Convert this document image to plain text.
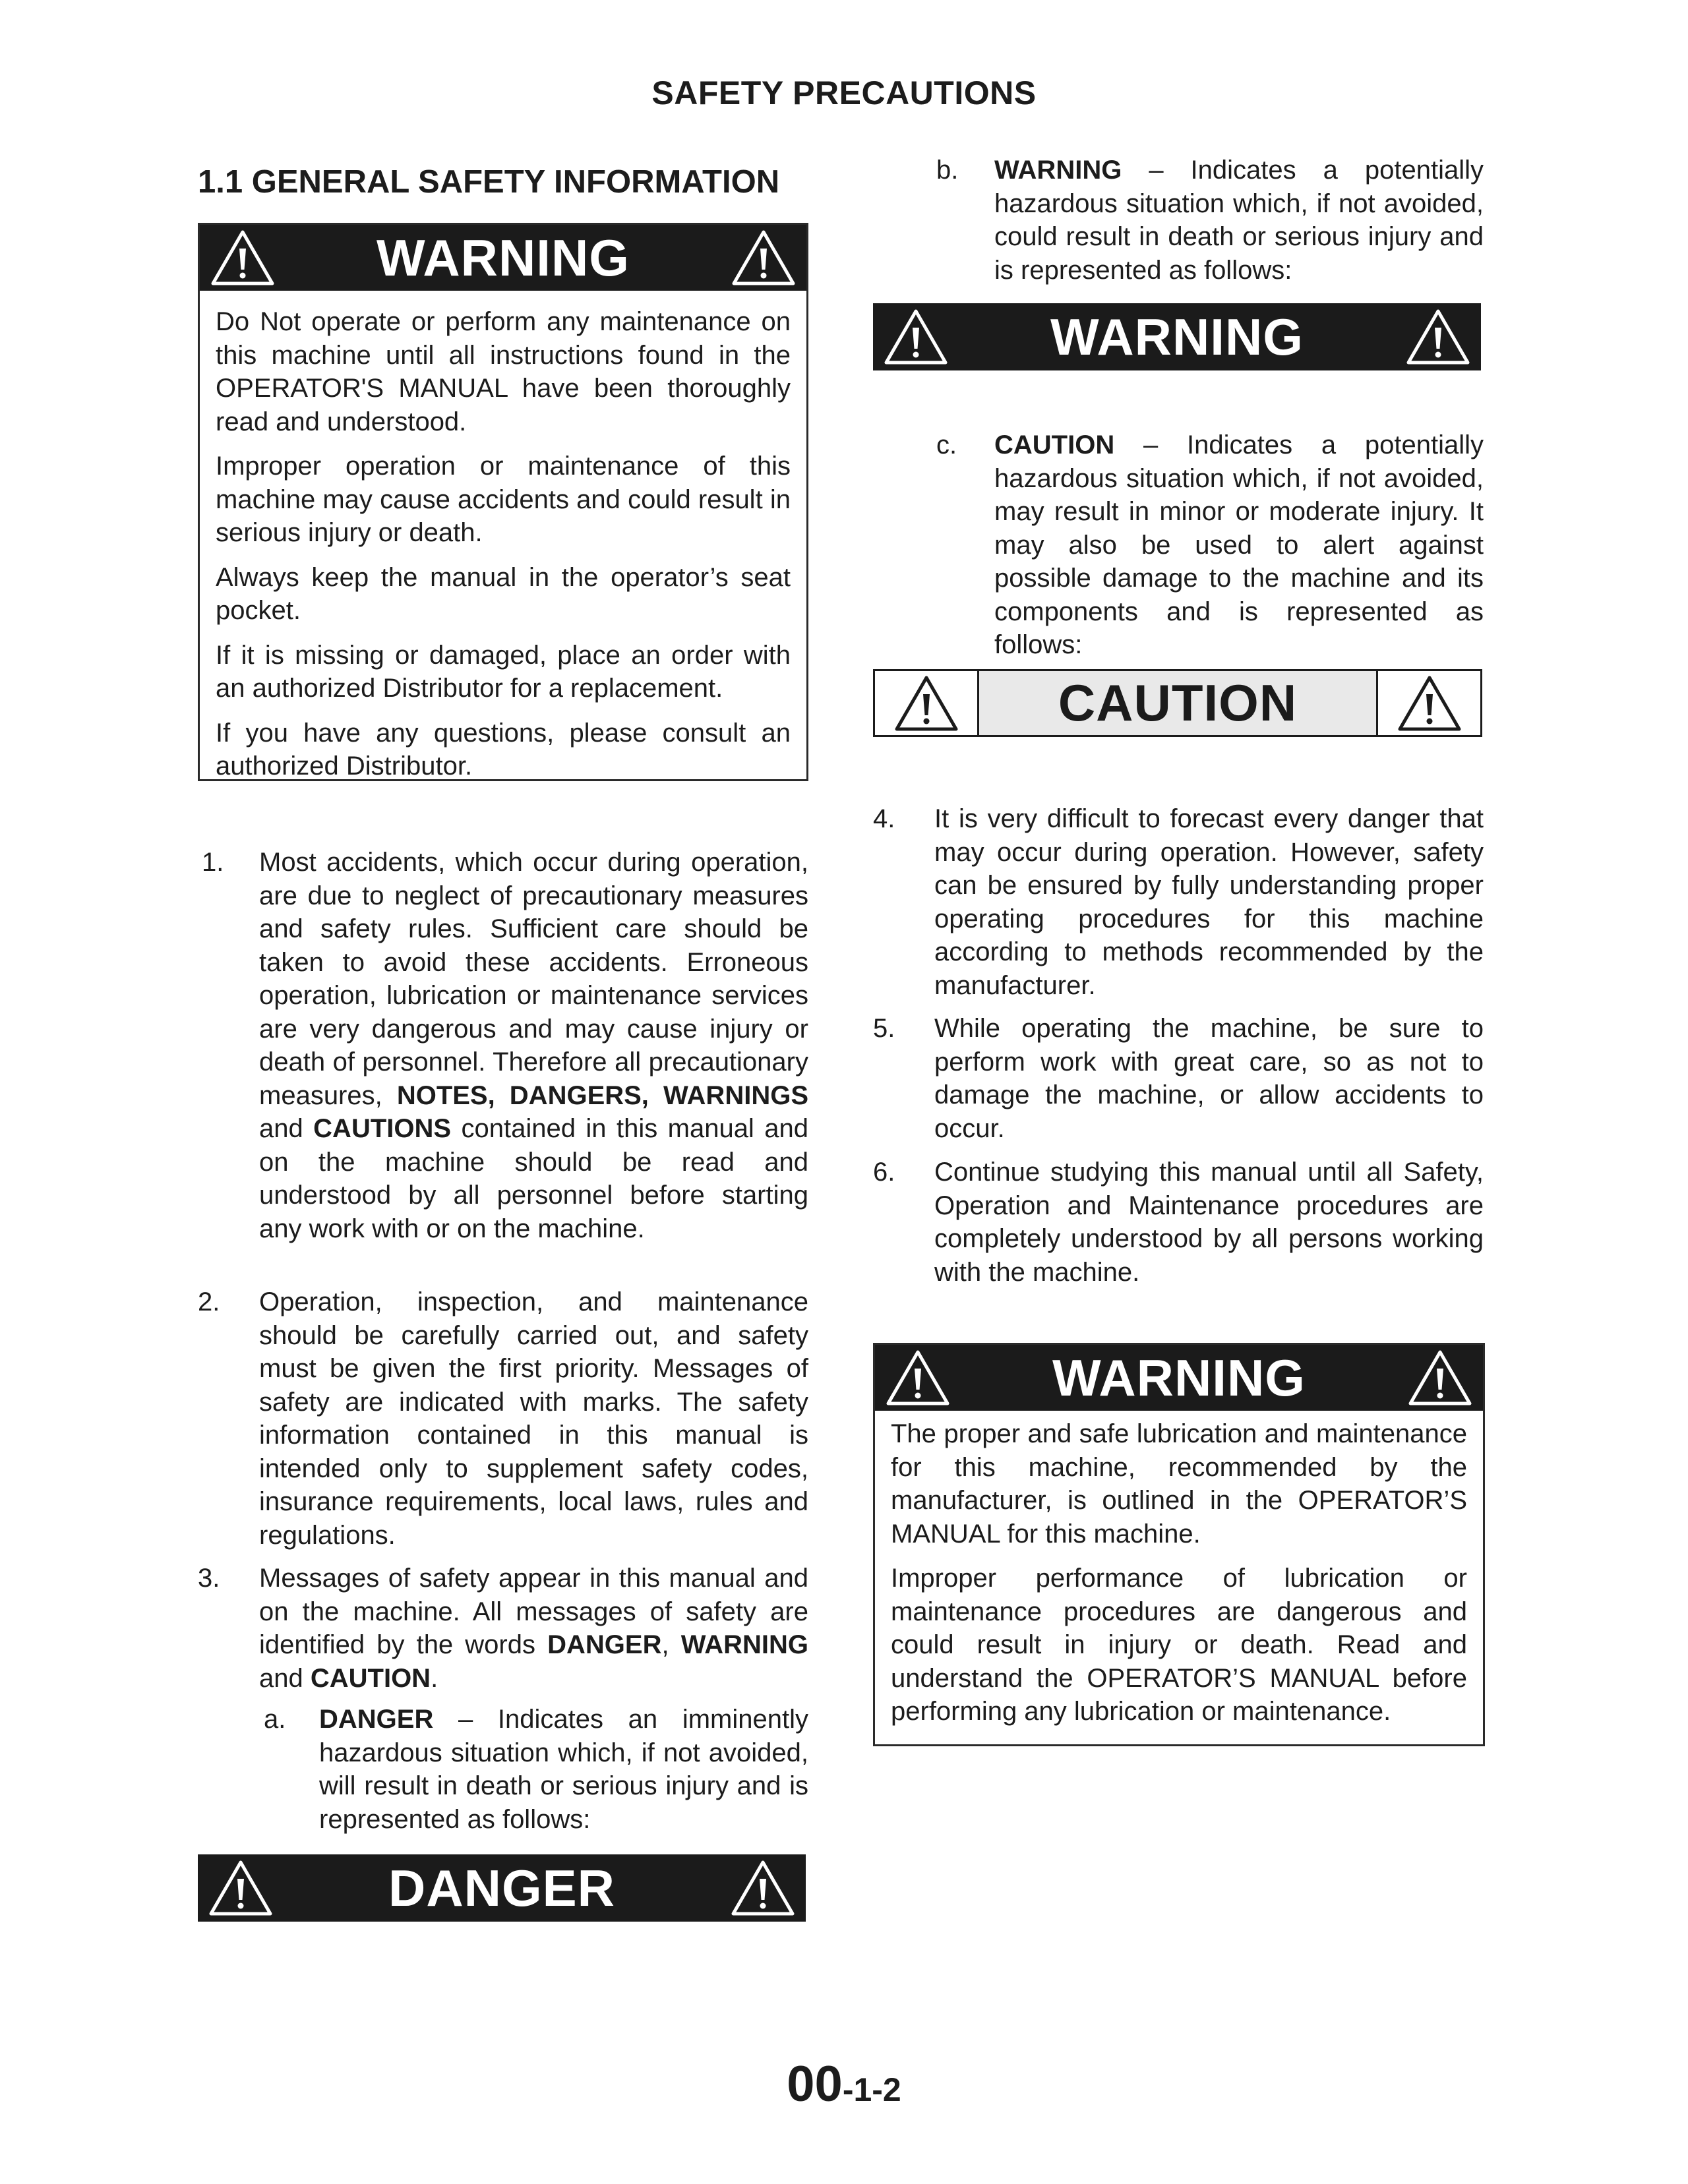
SAFETY PRECAUTIONS
1.1 GENERAL SAFETY INFORMATION
WARNING

Do Not operate or perform any maintenance on this machine until all instructions found in the OPERATOR'S MANUAL have been thoroughly read and understood.

Improper operation or maintenance of this machine may cause accidents and could result in serious injury or death.

Always keep the manual in the operator’s seat pocket.

If it is missing or damaged, place an order with an authorized Distributor for a replacement.

If you have any questions, please consult an authorized Distributor.

1. Most accidents, which occur during operation, are due to neglect of precautionary measures and safety rules. Sufficient care should be taken to avoid these accidents. Erroneous operation, lubrication or maintenance services are very dangerous and may cause injury or death of personnel. Therefore all precautionary measures, NOTES, DANGERS, WARNINGS and CAUTIONS contained in this manual and on the machine should be read and understood by all personnel before starting any work with or on the machine.
2. Operation, inspection, and maintenance should be carefully carried out, and safety must be given the first priority. Messages of safety are indicated with marks. The safety information contained in this manual is intended only to supplement safety codes, insurance requirements, local laws, rules and regulations.
3. Messages of safety appear in this manual and on the machine. All messages of safety are identified by the words DANGER, WARNING and CAUTION.
a. DANGER – Indicates an imminently hazardous situation which, if not avoided, will result in death or serious injury and is represented as follows:
DANGER
b. WARNING – Indicates a potentially hazardous situation which, if not avoided, could result in death or serious injury and is represented as follows:
WARNING
c. CAUTION – Indicates a potentially hazardous situation which, if not avoided, may result in minor or moderate injury. It may also be used to alert against possible damage to the machine and its components and is represented as follows:
CAUTION
4. It is very difficult to forecast every danger that may occur during operation. However, safety can be ensured by fully understanding proper operating procedures for this machine according to methods recommended by the manufacturer.
5. While operating the machine, be sure to perform work with great care, so as not to damage the machine, or allow accidents to occur.
6. Continue studying this manual until all Safety, Operation and Maintenance procedures are completely understood by all persons working with the machine.
WARNING

The proper and safe lubrication and maintenance for this machine, recommended by the manufacturer, is outlined in the OPERATOR’S MANUAL for this machine.

Improper performance of lubrication or maintenance procedures are dangerous and could result in injury or death. Read and understand the OPERATOR’S MANUAL before performing any lubrication or maintenance.

00-1-2
